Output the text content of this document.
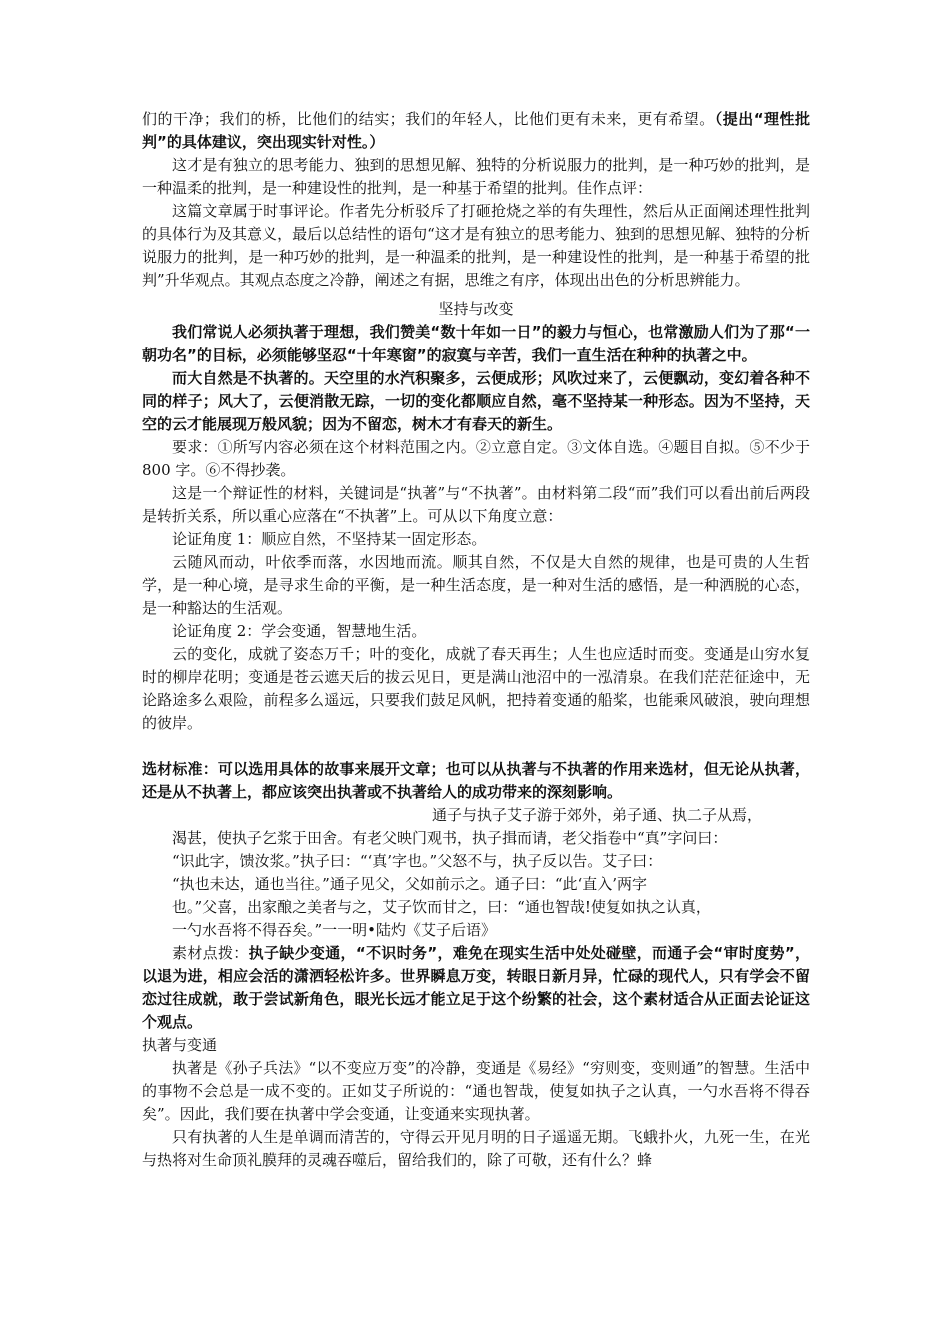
们的干净；我们的桥，比他们的结实；我们的年轻人，比他们更有未来，更有希望。（提出“理性批判”的具体建议，突出现实针对性。）

这才是有独立的思考能力、独到的思想见解、独特的分析说服力的批判，是一种巧妙的批判，是一种温柔的批判，是一种建设性的批判，是一种基于希望的批判。佳作点评：

这篇文章属于时事评论。作者先分析驳斥了打砸抢烧之举的有失理性，然后从正面阐述理性批判的具体行为及其意义，最后以总结性的语句“这才是有独立的思考能力、独到的思想见解、独特的分析说服力的批判，是一种巧妙的批判，是一种温柔的批判，是一种建设性的批判，是一种基于希望的批判”升华观点。其观点态度之冷静，阐述之有据，思维之有序，体现出出色的分析思辨能力。

坚持与改变

我们常说人必须执著于理想，我们赞美“数十年如一日”的毅力与恒心，也常激励人们为了那“一朝功名”的目标，必须能够坚忍“十年寒窗”的寂寞与辛苦，我们一直生活在种种的执著之中。

而大自然是不执著的。天空里的水汽积聚多，云便成形；风吹过来了，云便飘动，变幻着各种不同的样子；风大了，云便消散无踪，一切的变化都顺应自然，毫不坚持某一种形态。因为不坚持，天空的云才能展现万般风貌；因为不留恋，树木才有春天的新生。

要求：①所写内容必须在这个材料范围之内。②立意自定。③文体自选。④题目自拟。⑤不少于 800 字。⑥不得抄袭。

这是一个辩证性的材料，关键词是“执著”与“不执著”。由材料第二段“而”我们可以看出前后两段是转折关系，所以重心应落在“不执著”上。可从以下角度立意：

论证角度 1：顺应自然，不坚持某一固定形态。

云随风而动，叶依季而落，水因地而流。顺其自然，不仅是大自然的规律，也是可贵的人生哲学，是一种心境，是寻求生命的平衡，是一种生活态度，是一种对生活的感悟，是一种洒脱的心态，是一种豁达的生活观。

论证角度 2：学会变通，智慧地生活。

云的变化，成就了姿态万千；叶的变化，成就了春天再生；人生也应适时而变。变通是山穷水复时的柳岸花明；变通是苍云遮天后的拔云见日，更是满山池沼中的一泓清泉。在我们茫茫征途中，无论路途多么艰险，前程多么遥远，只要我们鼓足风帆，把持着变通的船桨，也能乘风破浪，驶向理想的彼岸。

选材标准：可以选用具体的故事来展开文章；也可以从执著与不执著的作用来选材，但无论从执著，还是从不执著上，都应该突出执著或不执著给人的成功带来的深刻影响。

通子与执子艾子游于郊外，弟子通、执二子从焉，

渴甚，使执子乞浆于田舍。有老父映门观书，执子揖而请，老父指卷中“真”字问曰：

“识此字，馈汝浆。”执子曰：“‘真’字也。”父怒不与，执子反以告。艾子曰：

“执也未达，通也当往。”通子见父，父如前示之。通子曰：“此‘直入’两字

也。”父喜，出家酿之美者与之，艾子饮而甘之，曰：“通也智哉!使复如执之认真，

一勺水吾将不得吞矣。”一一明•陆灼《艾子后语》

素材点拨：执子缺少变通，“不识时务”，难免在现实生活中处处碰壁，而通子会“审时度势”，以退为进，相应会活的潇洒轻松许多。世界瞬息万变，转眼日新月异，忙碌的现代人，只有学会不留恋过往成就，敢于尝试新角色，眼光长远才能立足于这个纷繁的社会，这个素材适合从正面去论证这个观点。

执著与变通

执著是《孙子兵法》“以不变应万变”的冷静，变通是《易经》“穷则变，变则通”的智慧。生活中的事物不会总是一成不变的。正如艾子所说的：“通也智哉，使复如执子之认真，一勺水吾将不得吞矣”。因此，我们要在执著中学会变通，让变通来实现执著。

只有执著的人生是单调而清苦的，守得云开见月明的日子遥遥无期。飞蛾扑火，九死一生，在光与热将对生命顶礼膜拜的灵魂吞噬后，留给我们的，除了可敬，还有什么？蜂
